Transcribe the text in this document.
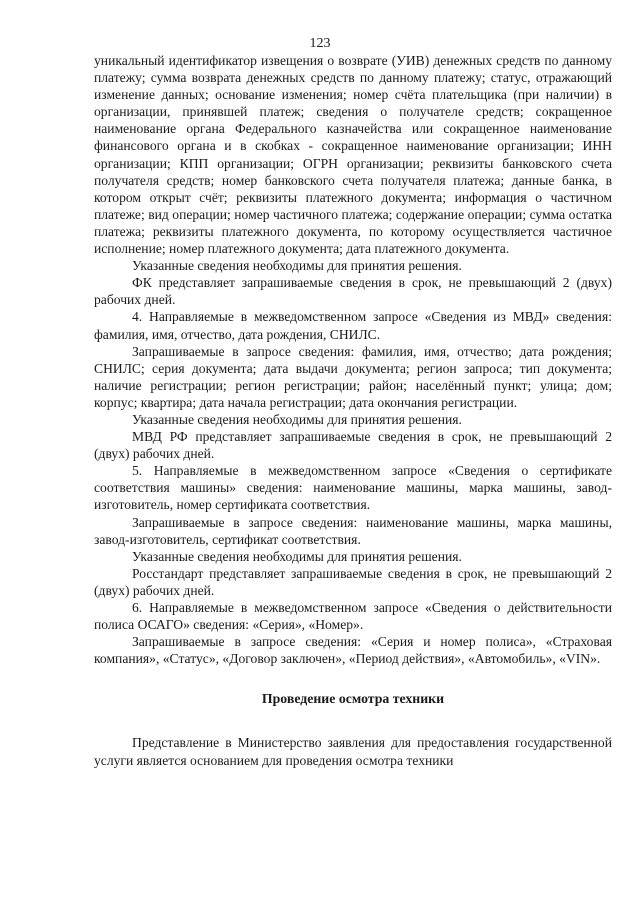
123

уникальный идентификатор извещения о возврате (УИВ) денежных средств по данному платежу; сумма возврата денежных средств по данному платежу; статус, отражающий изменение данных; основание изменения; номер счёта плательщика (при наличии) в организации, принявшей платеж; сведения о получателе средств; сокращенное наименование органа Федерального казначейства или сокращенное наименование финансового органа и в скобках - сокращенное наименование организации; ИНН организации; КПП организации; ОГРН организации; реквизиты банковского счета получателя средств; номер банковского счета получателя платежа; данные банка, в котором открыт счёт; реквизиты платежного документа; информация о частичном платеже; вид операции; номер частичного платежа; содержание операции; сумма остатка платежа; реквизиты платежного документа, по которому осуществляется частичное исполнение; номер платежного документа; дата платежного документа.

Указанные сведения необходимы для принятия решения.

ФК представляет запрашиваемые сведения в срок, не превышающий 2 (двух) рабочих дней.

4. Направляемые в межведомственном запросе «Сведения из МВД» сведения: фамилия, имя, отчество, дата рождения, СНИЛС.

Запрашиваемые в запросе сведения: фамилия, имя, отчество; дата рождения; СНИЛС; серия документа; дата выдачи документа; регион запроса; тип документа; наличие регистрации; регион регистрации; район; населённый пункт; улица; дом; корпус; квартира; дата начала регистрации; дата окончания регистрации.

Указанные сведения необходимы для принятия решения.

МВД РФ представляет запрашиваемые сведения в срок, не превышающий 2 (двух) рабочих дней.

5. Направляемые в межведомственном запросе «Сведения о сертификате соответствия машины» сведения: наименование машины, марка машины, завод-изготовитель, номер сертификата соответствия.

Запрашиваемые в запросе сведения: наименование машины, марка машины, завод-изготовитель, сертификат соответствия.

Указанные сведения необходимы для принятия решения.

Росстандарт представляет запрашиваемые сведения в срок, не превышающий 2 (двух) рабочих дней.

6. Направляемые в межведомственном запросе «Сведения о действительности полиса ОСАГО» сведения: «Серия», «Номер».

Запрашиваемые в запросе сведения: «Серия и номер полиса», «Страховая компания», «Статус», «Договор заключен», «Период действия», «Автомобиль», «VIN».

Проведение осмотра техники

Представление в Министерство заявления для предоставления государственной услуги является основанием для проведения осмотра техники
